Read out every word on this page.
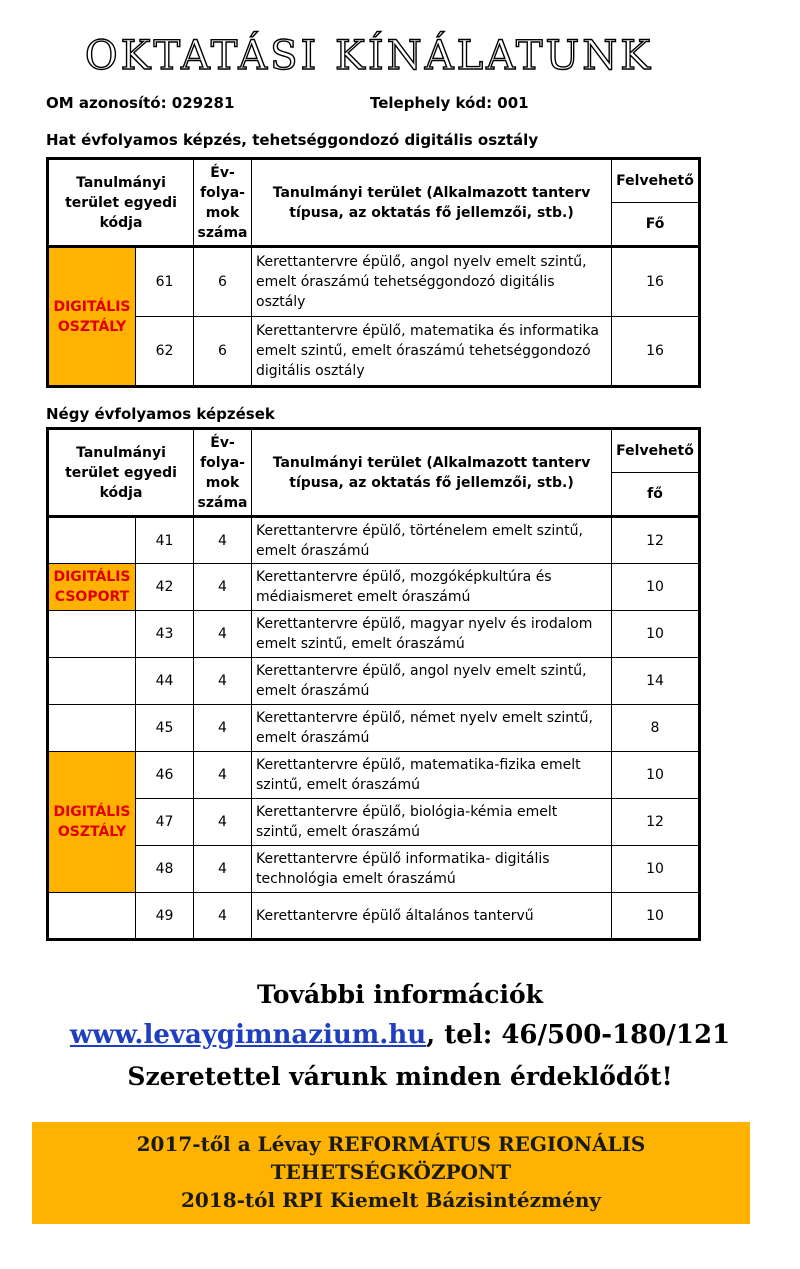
OKTATÁSI KÍNÁLATUNK
OM azonosító: 029281	Telephely kód: 001
Hat évfolyamos képzés, tehetséggondozó digitális osztály
Tanulmányi terület egyedi kódja		Év-folya-mok száma	Tanulmányi terület (Alkalmazott tanterv típusa, az oktatás fő jellemzői, stb.)	Felvehető
				Fő
DIGITÁLIS OSZTÁLY	61	6	Kerettantervre épülő, angol nyelv emelt szintű, emelt óraszámú tehetséggondozó digitális osztály	16
	62	6	Kerettantervre épülő, matematika és informatika emelt szintű, emelt óraszámú tehetséggondozó digitális osztály	16
Négy évfolyamos képzések
Tanulmányi terület egyedi kódja		Év-folya-mok száma	Tanulmányi terület (Alkalmazott tanterv típusa, az oktatás fő jellemzői, stb.)	Felvehető
				fő
	41	4	Kerettantervre épülő, történelem emelt szintű, emelt óraszámú	12
DIGITÁLIS CSOPORT	42	4	Kerettantervre épülő, mozgóképkultúra és médiaismeret emelt óraszámú	10
	43	4	Kerettantervre épülő, magyar nyelv és irodalom emelt szintű, emelt óraszámú	10
	44	4	Kerettantervre épülő, angol nyelv emelt szintű, emelt óraszámú	14
	45	4	Kerettantervre épülő, német nyelv emelt szintű, emelt óraszámú	8
DIGITÁLIS OSZTÁLY	46	4	Kerettantervre épülő, matematika-fizika emelt szintű, emelt óraszámú	10
	47	4	Kerettantervre épülő, biológia-kémia emelt szintű, emelt óraszámú	12
	48	4	Kerettantervre épülő informatika- digitális technológia emelt óraszámú	10
	49	4	Kerettantervre épülő általános tantervű	10
További információk
www.levaygimnazium.hu, tel: 46/500-180/121
Szeretettel várunk minden érdeklődőt!
2017-től a Lévay REFORMÁTUS REGIONÁLIS
TEHETSÉGKÖZPONT
2018-tól RPI Kiemelt Bázisintézmény
